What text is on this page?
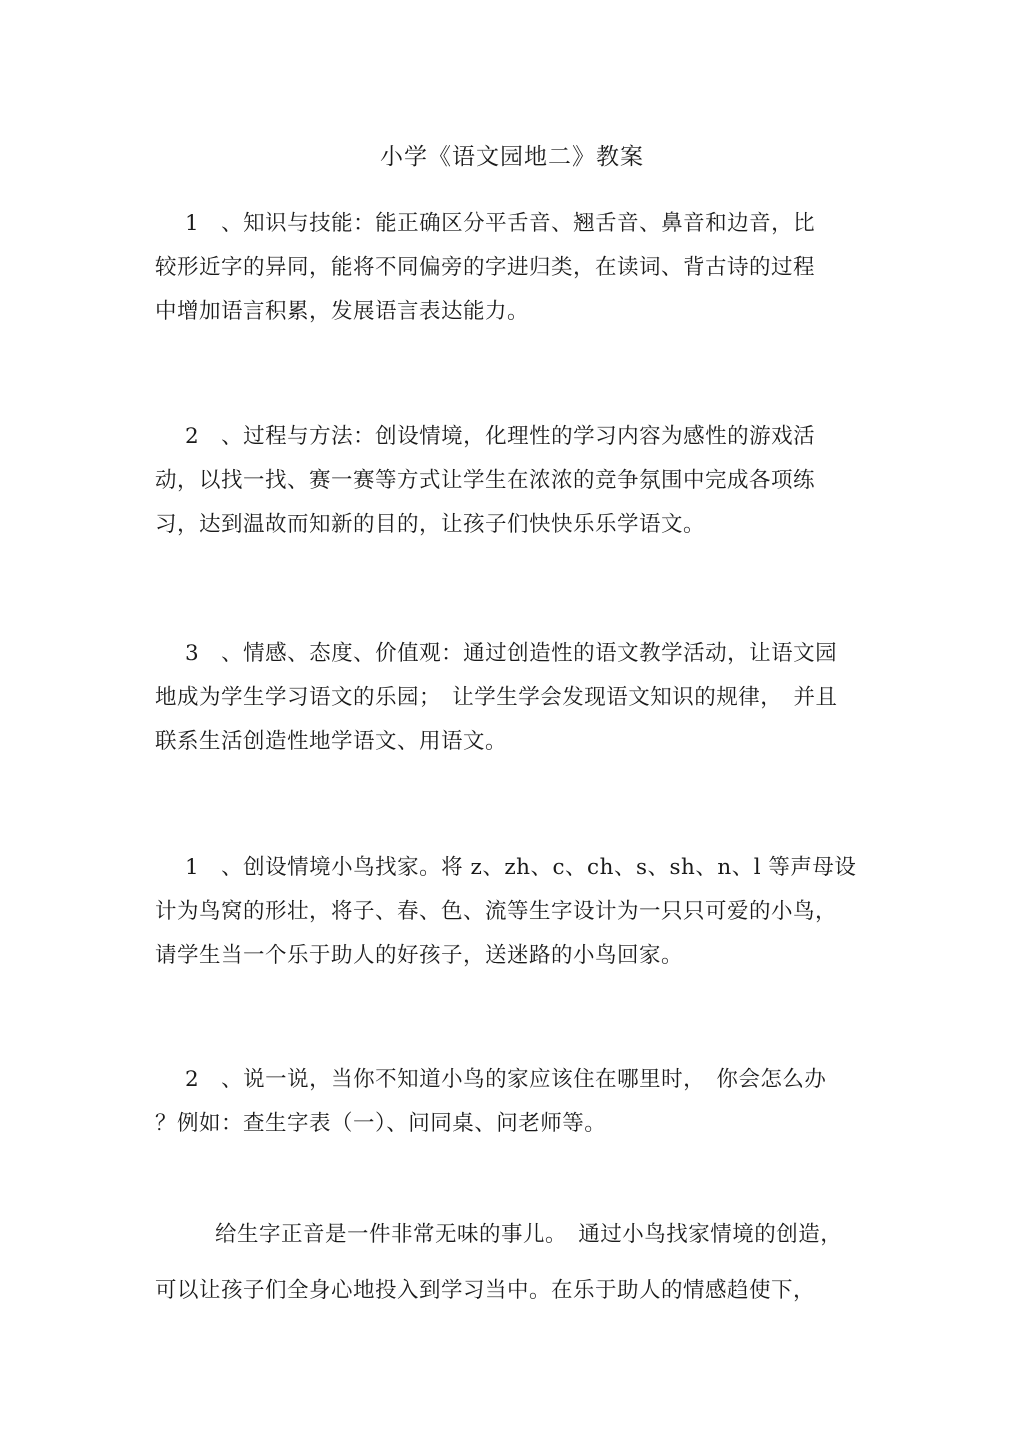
小学《语文园地二》教案
1　、知识与技能：能正确区分平舌音、翘舌音、鼻音和边音，比
较形近字的异同，能将不同偏旁的字进归类，在读词、背古诗的过程
中增加语言积累，发展语言表达能力。
2　、过程与方法：创设情境，化理性的学习内容为感性的游戏活
动，以找一找、赛一赛等方式让学生在浓浓的竞争氛围中完成各项练
习，达到温故而知新的目的，让孩子们快快乐乐学语文。
3　、情感、态度、价值观：通过创造性的语文教学活动，让语文园
地成为学生学习语文的乐园；　让学生学会发现语文知识的规律，　并且
联系生活创造性地学语文、用语文。
1　、创设情境小鸟找家。将 z、zh、c、ch、s、sh、n、l 等声母设
计为鸟窝的形壮，将子、春、色、流等生字设计为一只只可爱的小鸟，
请学生当一个乐于助人的好孩子，送迷路的小鸟回家。
2　、说一说，当你不知道小鸟的家应该住在哪里时，　你会怎么办
？例如：查生字表（一）、问同桌、问老师等。
给生字正音是一件非常无味的事儿。　通过小鸟找家情境的创造，
可以让孩子们全身心地投入到学习当中。在乐于助人的情感趋使下，
